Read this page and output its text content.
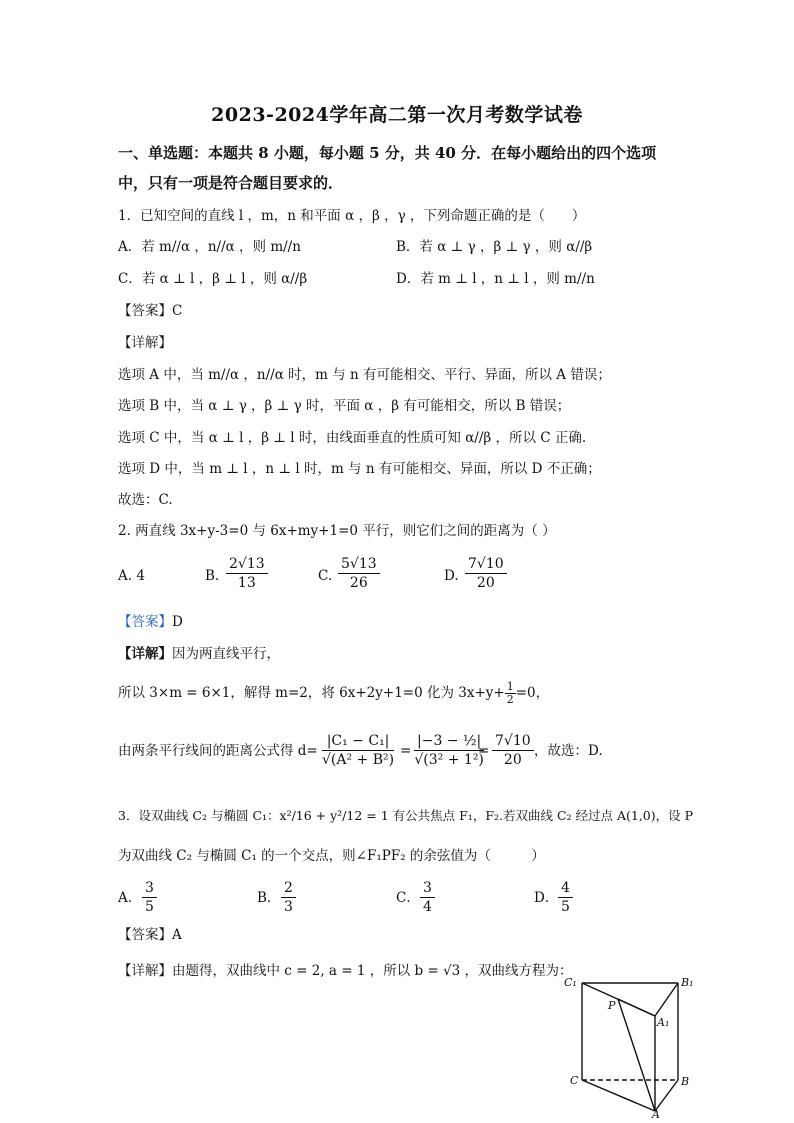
2023-2024学年高二第一次月考数学试卷
一、单选题：本题共 8 小题，每小题 5 分，共 40 分．在每小题给出的四个选项
中，只有一项是符合题目要求的．
1．已知空间的直线 l ，m，n 和平面 α ，β ，γ ，下列命题正确的是（　　）
A．若 m//α ，n//α ，则 m//n	B．若 α ⊥ γ ，β ⊥ γ ，则 α//β
C．若 α ⊥ l ，β ⊥ l ，则 α//β	D．若 m ⊥ l ，n ⊥ l ，则 m//n
【答案】C
【详解】
选项 A 中，当 m//α ，n//α 时，m 与 n 有可能相交、平行、异面，所以 A 错误；
选项 B 中，当 α ⊥ γ ，β ⊥ γ 时，平面 α ，β 有可能相交，所以 B 错误；
选项 C 中，当 α ⊥ l ，β ⊥ l 时，由线面垂直的性质可知 α//β ，所以 C 正确.
选项 D 中，当 m ⊥ l ，n ⊥ l 时，m 与 n 有可能相交、异面，所以 D 不正确；
故选：C.
2. 两直线 3x+y-3=0 与 6x+my+1=0 平行，则它们之间的距离为（ ）
A. 4	B. $\frac{2√13}{13}$	C. $\frac{5√13}{26}$	D. $\frac{7√10}{20}$
【答案】D
【详解】因为两直线平行，
所以 3×m = 6×1，解得 m=2，将 6x+2y+1=0 化为 $3x+y+ \frac{1}{2} =0$，
由两条平行线间的距离公式得 $d= \frac{\text{|C₁ − C₁|}}{\text{√(A² + B²)}} = \frac{\text{|−3 − ½|}}{\text{√(3² + 1²)}}$
= $\frac{7√10}{20}$ ，故选：D.
3．设双曲线 C₂ 与椭圆 C₁：x²/16 + y²/12 = 1 有公共焦点 F₁，F₂.若双曲线 C₂ 经过点 A(1,0)，设 P
为双曲线 C₂ 与椭圆 C₁ 的一个交点，则∠F₁PF₂ 的余弦值为（　　　）
A． $\frac{3}{5}$	B． $\frac{2}{3}$	C． $\frac{3}{4}$	D． $\frac{4}{5}$
【答案】A
【详解】由题得，双曲线中 c = 2, a = 1 ，所以 b = √3 ，双曲线方程为：
C₁	B₁
P
A₁
C	B
A
